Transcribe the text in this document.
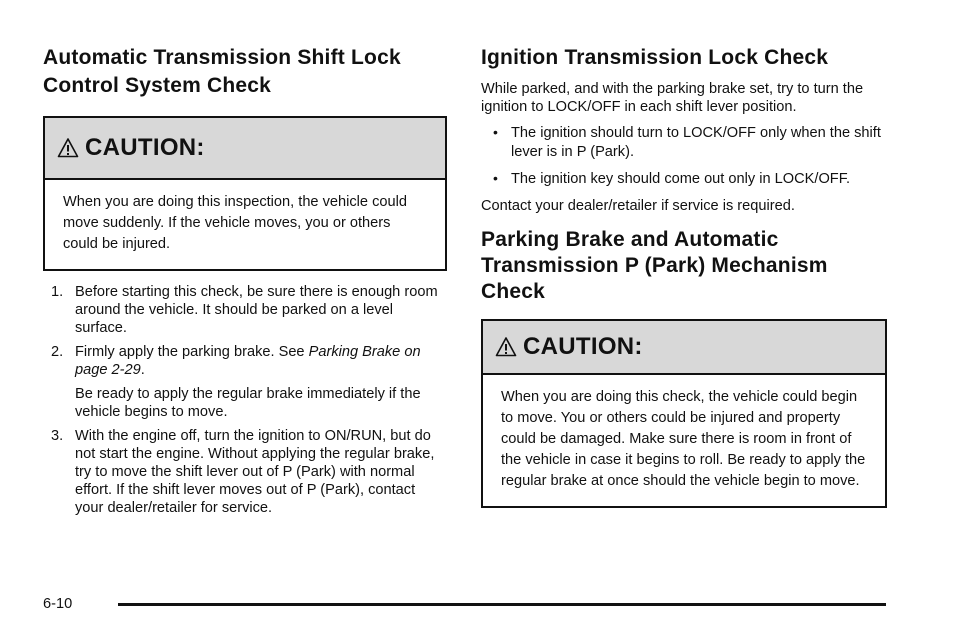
Automatic Transmission Shift Lock Control System Check
CAUTION:
When you are doing this inspection, the vehicle could move suddenly. If the vehicle moves, you or others could be injured.
1. Before starting this check, be sure there is enough room around the vehicle. It should be parked on a level surface.
2. Firmly apply the parking brake. See Parking Brake on page 2-29.

Be ready to apply the regular brake immediately if the vehicle begins to move.

3. With the engine off, turn the ignition to ON/RUN, but do not start the engine. Without applying the regular brake, try to move the shift lever out of P (Park) with normal effort. If the shift lever moves out of P (Park), contact your dealer/retailer for service.
Ignition Transmission Lock Check

While parked, and with the parking brake set, try to turn the ignition to LOCK/OFF in each shift lever position.

• The ignition should turn to LOCK/OFF only when the shift lever is in P (Park).
• The ignition key should come out only in LOCK/OFF.

Contact your dealer/retailer if service is required.

Parking Brake and Automatic Transmission P (Park) Mechanism Check
CAUTION:
When you are doing this check, the vehicle could begin to move. You or others could be injured and property could be damaged. Make sure there is room in front of the vehicle in case it begins to roll. Be ready to apply the regular brake at once should the vehicle begin to move.
6-10
